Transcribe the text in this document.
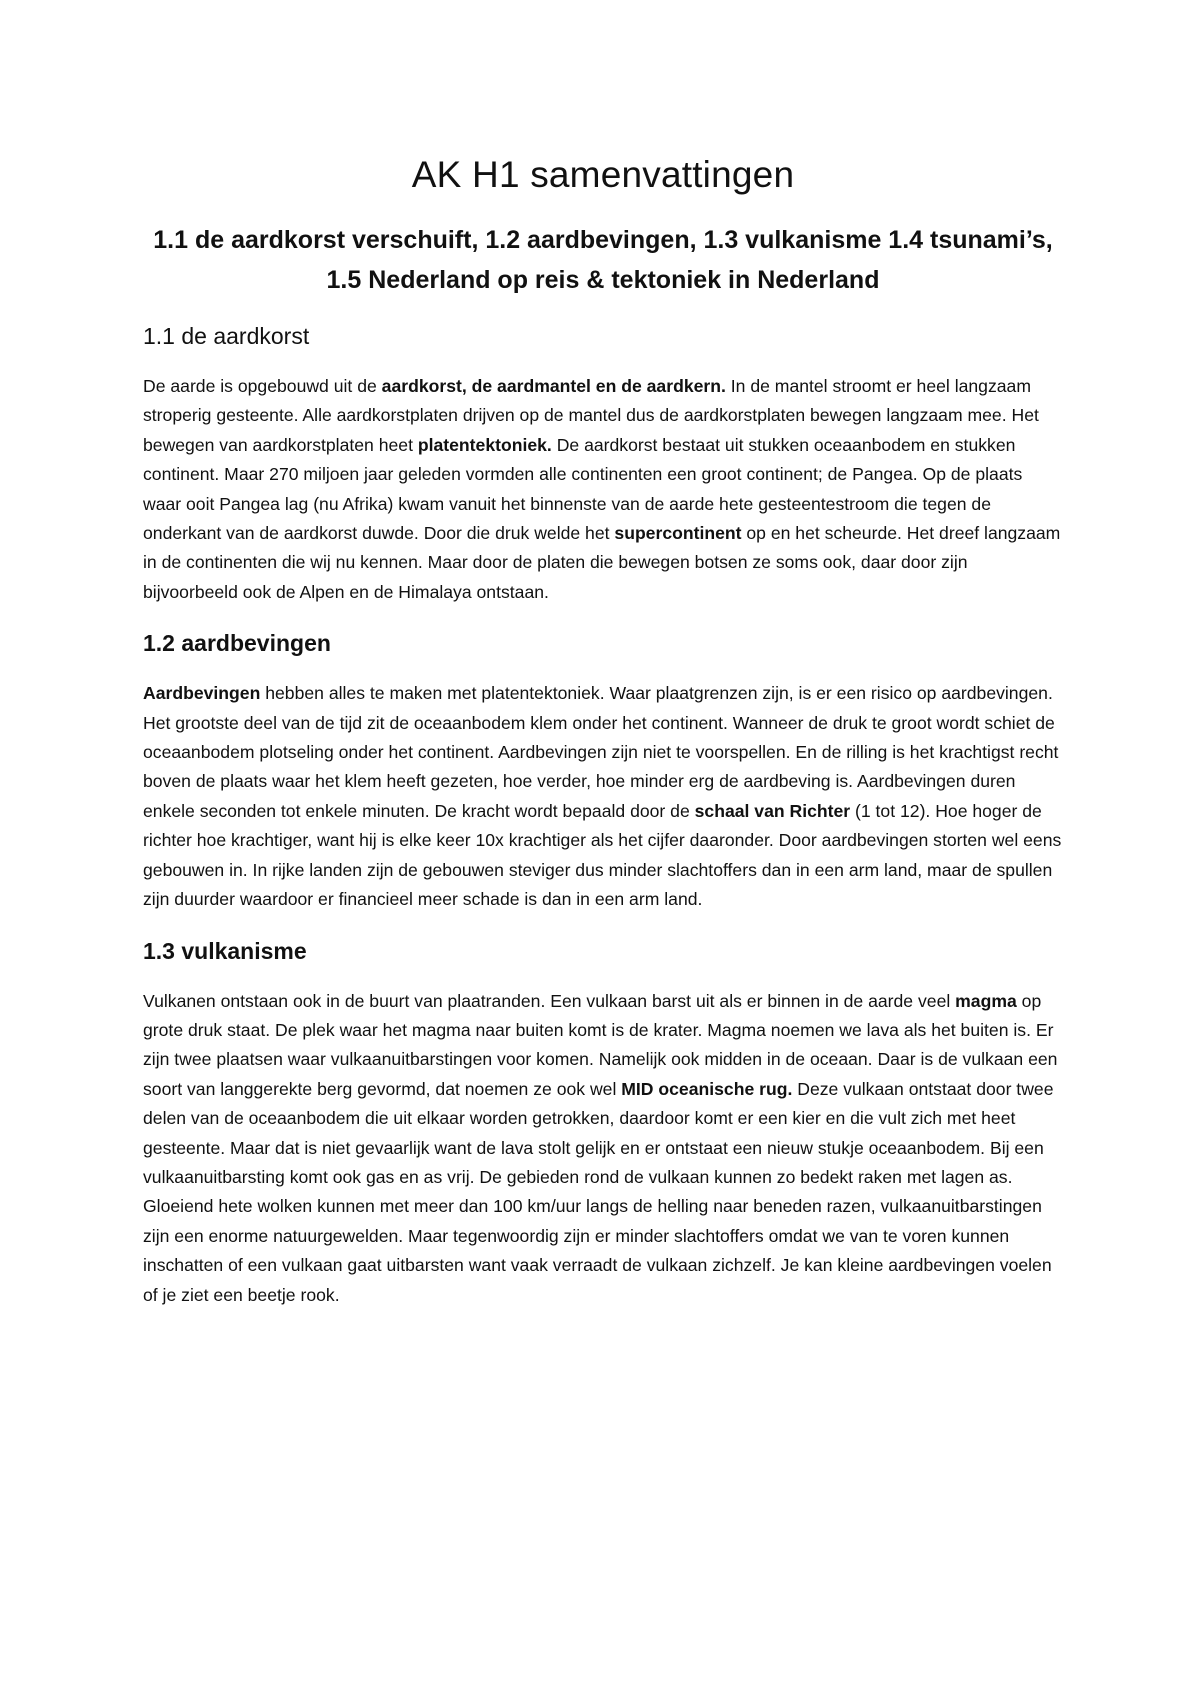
AK H1 samenvattingen
1.1 de aardkorst verschuift, 1.2 aardbevingen, 1.3 vulkanisme 1.4 tsunami’s, 1.5 Nederland op reis & tektoniek in Nederland
1.1 de aardkorst

De aarde is opgebouwd uit de aardkorst, de aardmantel en de aardkern. In de mantel stroomt er heel langzaam stroperig gesteente. Alle aardkorstplaten drijven op de mantel dus de aardkorstplaten bewegen langzaam mee. Het bewegen van aardkorstplaten heet platentektoniek. De aardkorst bestaat uit stukken oceaanbodem en stukken continent. Maar 270 miljoen jaar geleden vormden alle continenten een groot continent; de Pangea. Op de plaats waar ooit Pangea lag (nu Afrika) kwam vanuit het binnenste van de aarde hete gesteentestroom die tegen de onderkant van de aardkorst duwde. Door die druk welde het supercontinent op en het scheurde. Het dreef langzaam in de continenten die wij nu kennen. Maar door de platen die bewegen botsen ze soms ook, daar door zijn bijvoorbeeld ook de Alpen en de Himalaya ontstaan.

1.2 aardbevingen

Aardbevingen hebben alles te maken met platentektoniek. Waar plaatgrenzen zijn, is er een risico op aardbevingen. Het grootste deel van de tijd zit de oceaanbodem klem onder het continent. Wanneer de druk te groot wordt schiet de oceaanbodem plotseling onder het continent. Aardbevingen zijn niet te voorspellen. En de rilling is het krachtigst recht boven de plaats waar het klem heeft gezeten, hoe verder, hoe minder erg de aardbeving is. Aardbevingen duren enkele seconden tot enkele minuten. De kracht wordt bepaald door de schaal van Richter (1 tot 12). Hoe hoger de richter hoe krachtiger, want hij is elke keer 10x krachtiger als het cijfer daaronder. Door aardbevingen storten wel eens gebouwen in. In rijke landen zijn de gebouwen steviger dus minder slachtoffers dan in een arm land, maar de spullen zijn duurder waardoor er financieel meer schade is dan in een arm land.

1.3 vulkanisme

Vulkanen ontstaan ook in de buurt van plaatranden. Een vulkaan barst uit als er binnen in de aarde veel magma op grote druk staat. De plek waar het magma naar buiten komt is de krater. Magma noemen we lava als het buiten is. Er zijn twee plaatsen waar vulkaanuitbarstingen voor komen. Namelijk ook midden in de oceaan. Daar is de vulkaan een soort van langgerekte berg gevormd, dat noemen ze ook wel MID oceanische rug. Deze vulkaan ontstaat door twee delen van de oceaanbodem die uit elkaar worden getrokken, daardoor komt er een kier en die vult zich met heet gesteente. Maar dat is niet gevaarlijk want de lava stolt gelijk en er ontstaat een nieuw stukje oceaanbodem. Bij een vulkaanuitbarsting komt ook gas en as vrij. De gebieden rond de vulkaan kunnen zo bedekt raken met lagen as. Gloeiend hete wolken kunnen met meer dan 100 km/uur langs de helling naar beneden razen, vulkaanuitbarstingen zijn een enorme natuurgewelden. Maar tegenwoordig zijn er minder slachtoffers omdat we van te voren kunnen inschatten of een vulkaan gaat uitbarsten want vaak verraadt de vulkaan zichzelf. Je kan kleine aardbevingen voelen of je ziet een beetje rook.
